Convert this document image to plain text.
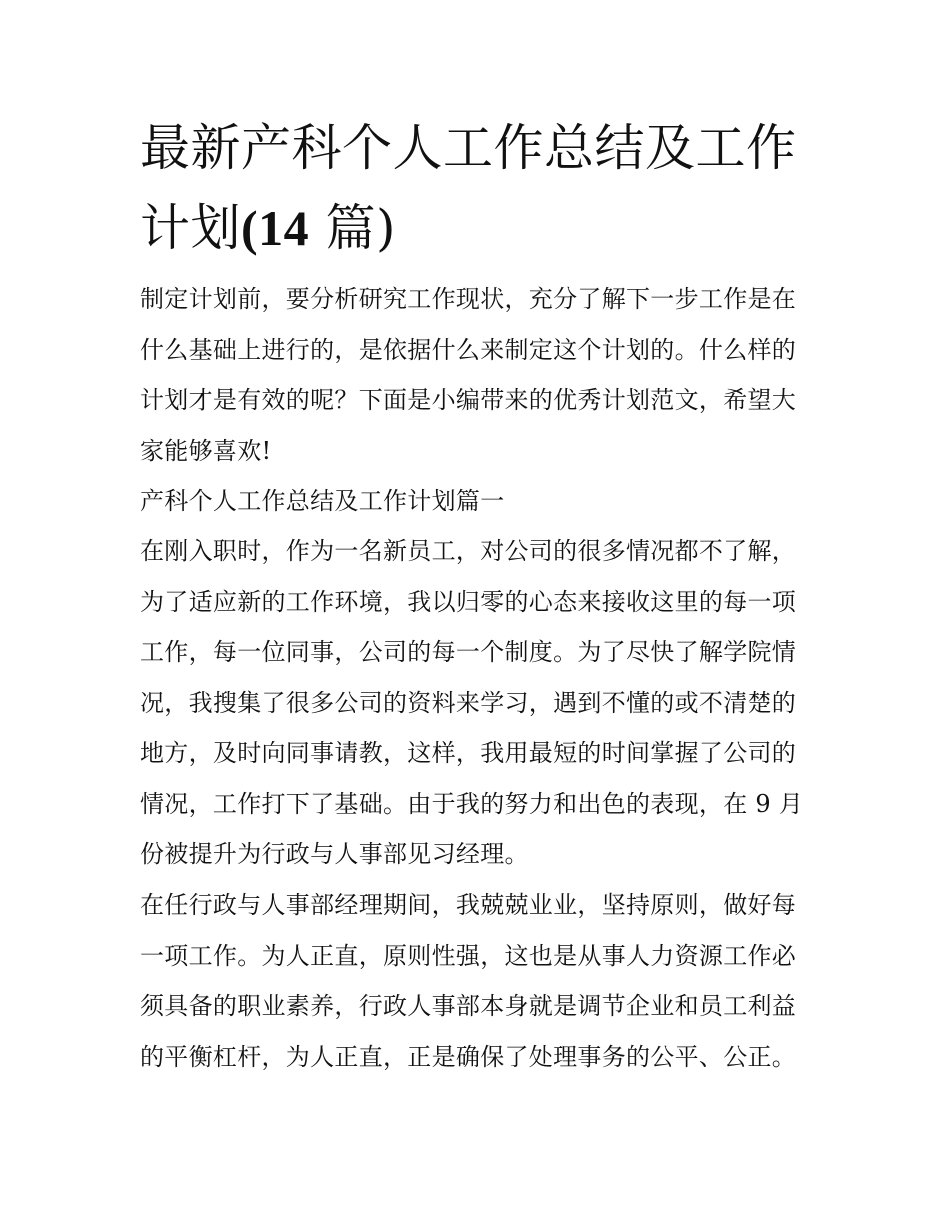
最新产科个人工作总结及工作计划(14 篇)

制定计划前，要分析研究工作现状，充分了解下一步工作是在什么基础上进行的，是依据什么来制定这个计划的。什么样的计划才是有效的呢？下面是小编带来的优秀计划范文，希望大家能够喜欢!

产科个人工作总结及工作计划篇一

在刚入职时，作为一名新员工，对公司的很多情况都不了解，为了适应新的工作环境，我以归零的心态来接收这里的每一项工作，每一位同事，公司的每一个制度。为了尽快了解学院情况，我搜集了很多公司的资料来学习，遇到不懂的或不清楚的地方，及时向同事请教，这样，我用最短的时间掌握了公司的情况，工作打下了基础。由于我的努力和出色的表现，在 9 月份被提升为行政与人事部见习经理。

在任行政与人事部经理期间，我兢兢业业，坚持原则，做好每一项工作。为人正直，原则性强，这也是从事人力资源工作必须具备的职业素养，行政人事部本身就是调节企业和员工利益的平衡杠杆，为人正直，正是确保了处理事务的公平、公正。
